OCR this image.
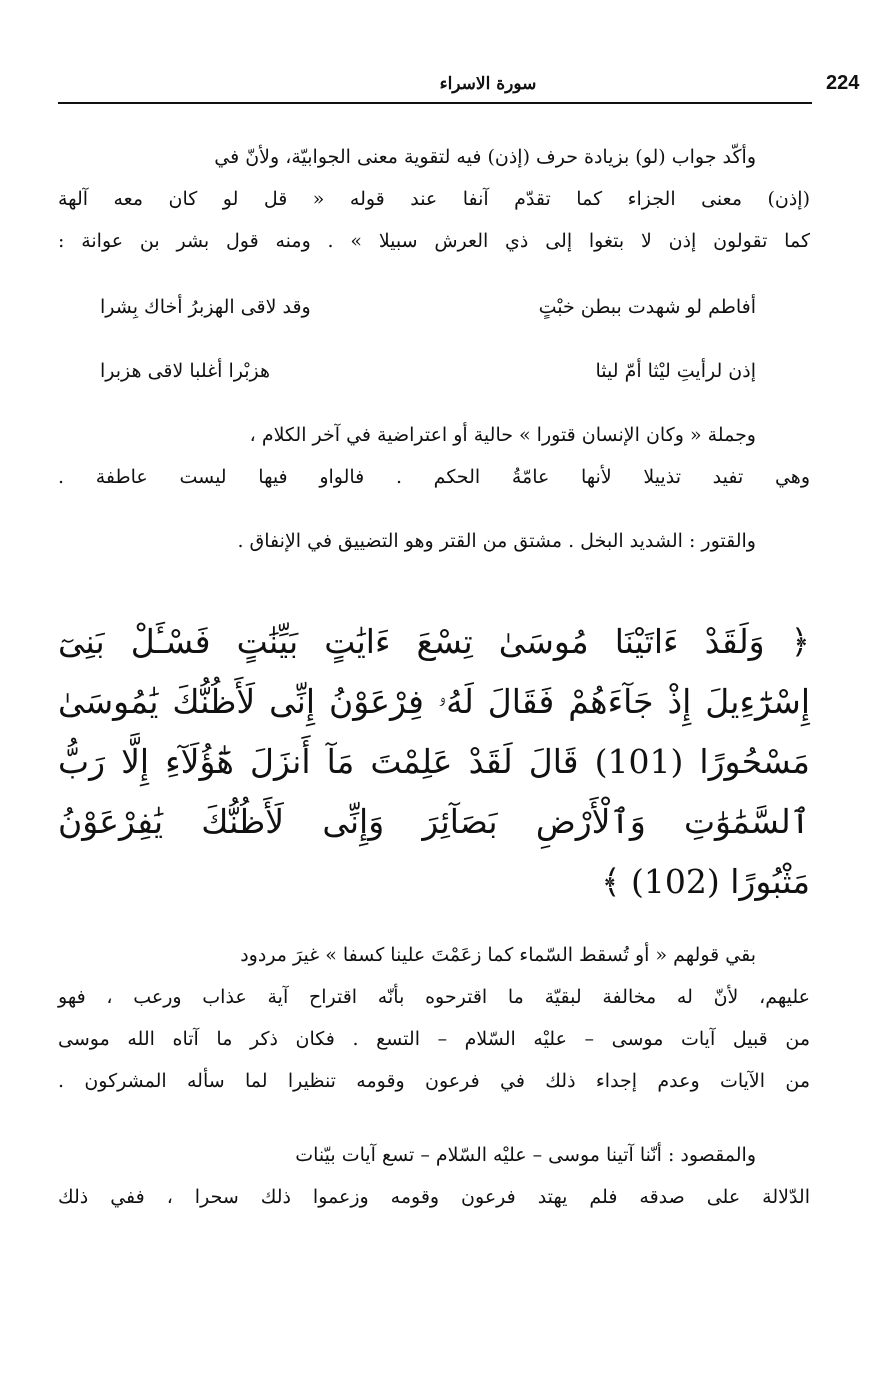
224
سورة الاسراء
وأكّد جواب (لو) بزيادة حرف (إذن) فيه لتقوية معنى الجوابيّة، ولأنّ في
(إذن) معنى الجزاء كما تقدّم آنفا عند قوله « قل لو كان معه آلهة
كما تقولون إذن لا بتغوا إلى ذي العرش سبيلا » . ومنه قول بشر بن عوانة :
أفاطم لو شهدت ببطن خبْتٍ
وقد لاقى الهزبرُ أخاك بِشرا
إذن لرأيتِ ليْثا أمّ ليثا
هزبْرا أغلبا لاقى هزبرا
وجملة « وكان الإنسان قتورا » حالية أو اعتراضية في آخر الكلام ،
وهي تفيد تذييلا لأنها عامّةُ الحكم . فالواو فيها ليست عاطفة .
والقتور : الشديد البخل . مشتق من القتر وهو التضييق في الإنفاق .
﴿ وَلَقَدْ ءَاتَيْنَا مُوسَىٰ تِسْعَ ءَايَٰتٍ بَيِّنَٰتٍ فَسْـَٔلْ بَنِىٓ
إِسْرَٰٓءِيلَ إِذْ جَآءَهُمْ فَقَالَ لَهُۥ فِرْعَوْنُ إِنِّى لَأَظُنُّكَ يَٰمُوسَىٰ
مَسْحُورًا (101) قَالَ لَقَدْ عَلِمْتَ مَآ أَنزَلَ هَٰٓؤُلَآءِ إِلَّا رَبُّ
ٱلسَّمَٰوَٰتِ وَٱلْأَرْضِ بَصَآئِرَ وَإِنِّى لَأَظُنُّكَ يَٰفِرْعَوْنُ
مَثْبُورًا (102) ﴾
بقي قولهم « أو تُسقط السّماء كما زعَمْتَ علينا كسفا » غيرَ مردود
عليهم، لأنّ له مخالفة لبقيّة ما اقترحوه بأنّه اقتراح آية عذاب ورعب ، فهو
من قبيل آيات موسى – عليْه السّلام – التسع . فكان ذكر ما آتاه الله موسى
من الآيات وعدم إجداء ذلك في فرعون وقومه تنظيرا لما سأله المشركون .
والمقصود : أنّنا آتينا موسى – عليْه السّلام – تسع آيات بيّنات
الدّلالة على صدقه فلم يهتد فرعون وقومه وزعموا ذلك سحرا ، ففي ذلك
